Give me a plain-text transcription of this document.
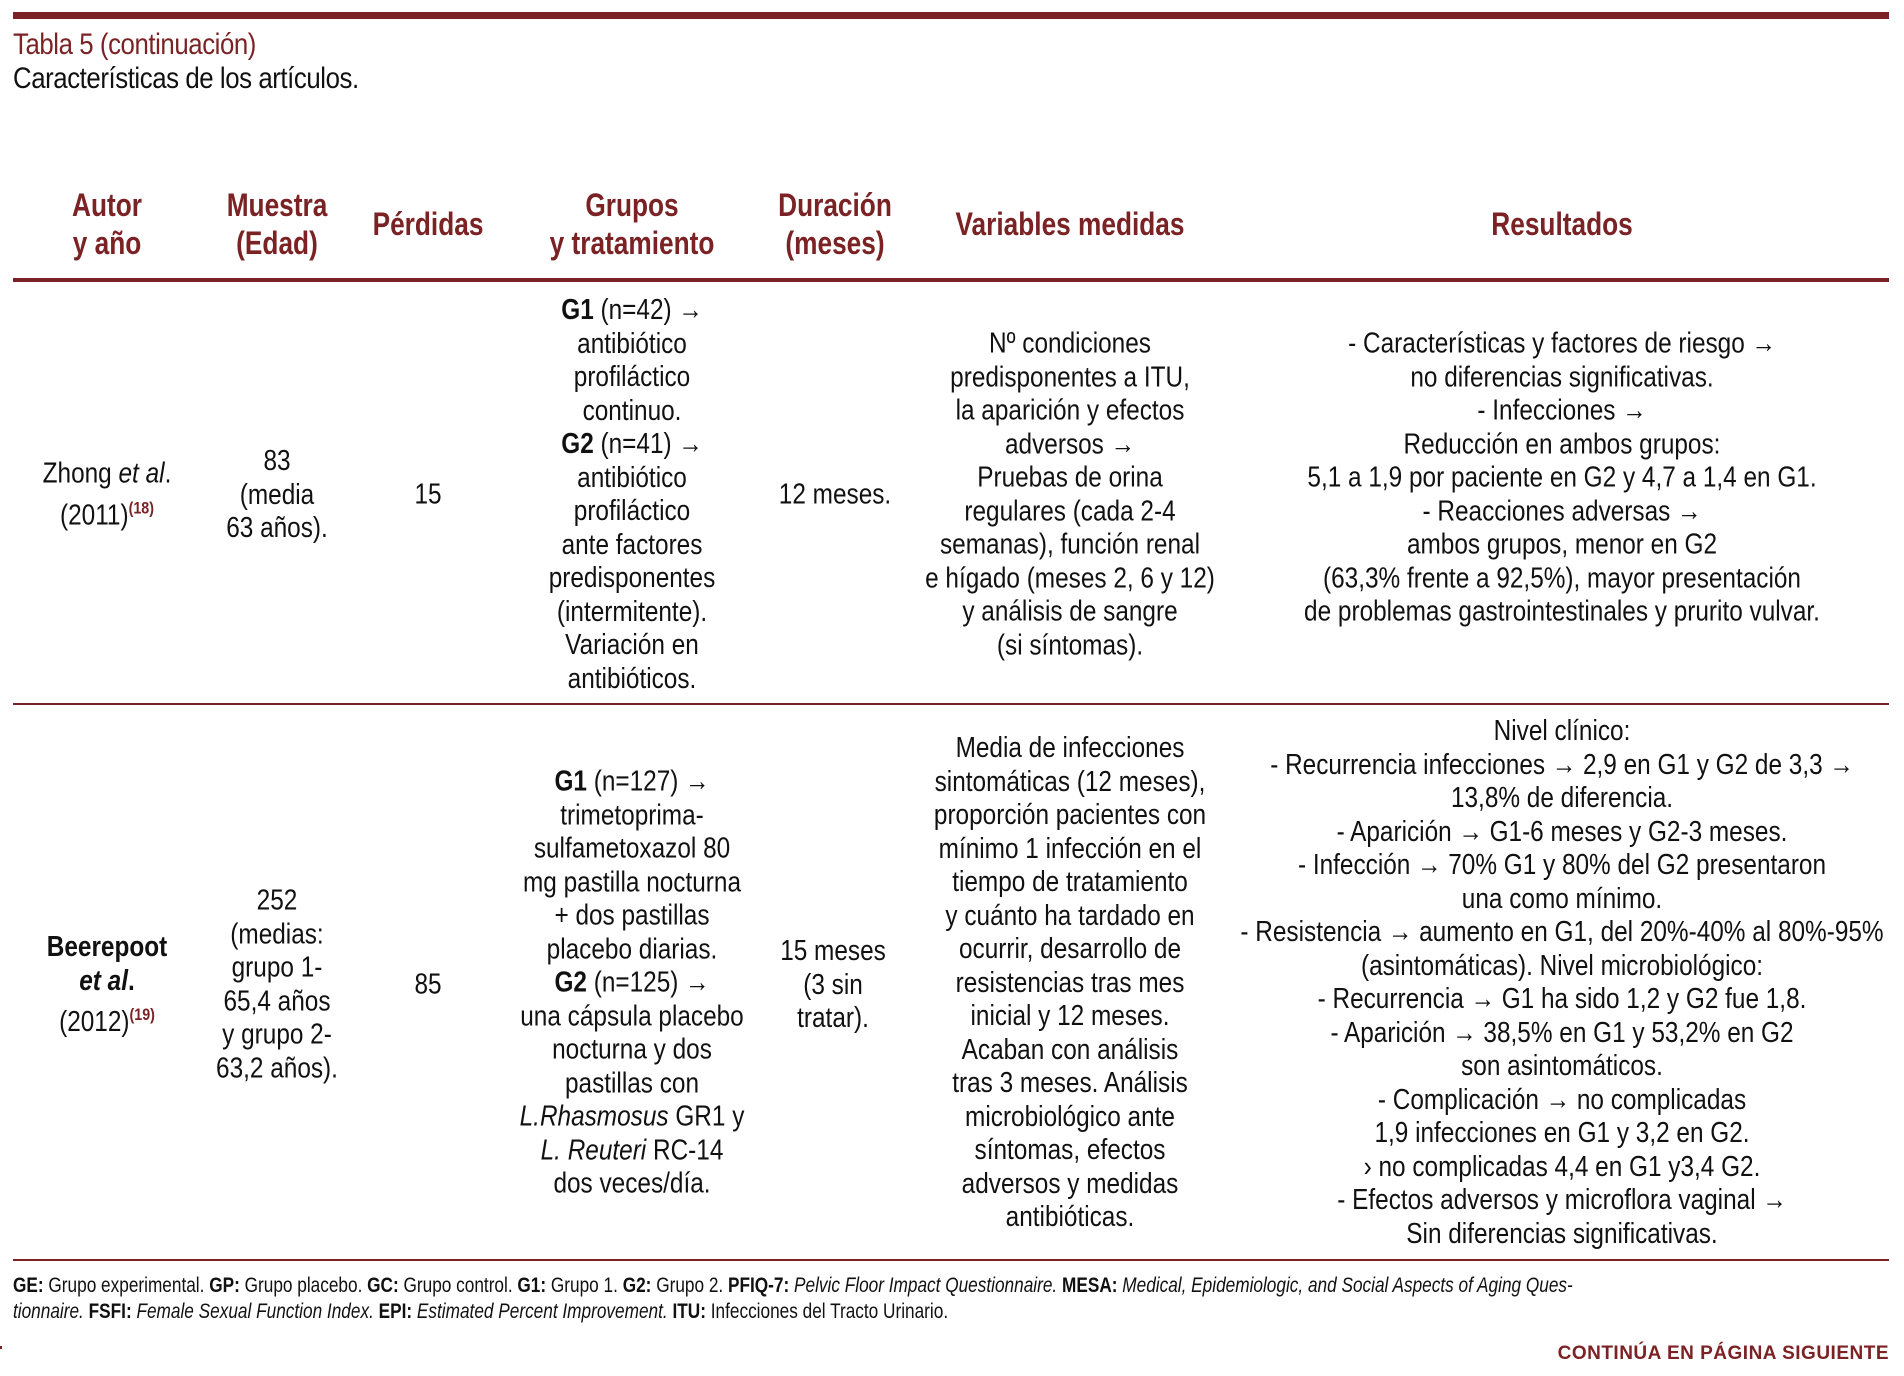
Tabla 5 (continuación)
Características de los artículos.
Autor
y año
Muestra
(Edad)
Pérdidas
Grupos
y tratamiento
Duración
(meses)
Variables medidas	Resultados
Zhong et al.
$(2011)^{(18)}$
83
(media
63 años).
15
G1 (n=42) →
antibiótico
profiláctico
continuo.
G2 (n=41) →
antibiótico
profiláctico
ante factores
predisponentes
(intermitente).
Variación en
antibióticos.
12 meses.
Nº condiciones
predisponentes a ITU,
la aparición y efectos
adversos →
Pruebas de orina
regulares (cada 2-4
semanas), función renal
e hígado (meses 2, 6 y 12)
y análisis de sangre
(si síntomas).
- Características y factores de riesgo →
no diferencias significativas.
- Infecciones →
Reducción en ambos grupos:
5,1 a 1,9 por paciente en G2 y 4,7 a 1,4 en G1.
- Reacciones adversas →
ambos grupos, menor en G2
(63,3% frente a 92,5%), mayor presentación
de problemas gastrointestinales y prurito vulvar.
Beerepoot
et al.
$(2012)^{(19)}$
252
(medias:
grupo 1-
65,4 años
y grupo 2-
63,2 años).
85
G1 (n=127) →
trimetoprima-
sulfametoxazol 80
mg pastilla nocturna
+ dos pastillas
placebo diarias.
G2 (n=125) →
una cápsula placebo
nocturna y dos
pastillas con
L.Rhasmosus GR1 y
L. Reuteri RC-14
dos veces/día.
15 meses
(3 sin
tratar).
Media de infecciones
sintomáticas (12 meses),
proporción pacientes con
mínimo 1 infección en el
tiempo de tratamiento
y cuánto ha tardado en
ocurrir, desarrollo de
resistencias tras mes
inicial y 12 meses.
Acaban con análisis
tras 3 meses. Análisis
microbiológico ante
síntomas, efectos
adversos y medidas
antibióticas.
Nivel clínico:
- Recurrencia infecciones → 2,9 en G1 y G2 de 3,3 →
13,8% de diferencia.
- Aparición → G1-6 meses y G2-3 meses.
- Infección → 70% G1 y 80% del G2 presentaron
una como mínimo.
- Resistencia → aumento en G1, del 20%-40% al 80%-95%
(asintomáticas). Nivel microbiológico:
- Recurrencia → G1 ha sido 1,2 y G2 fue 1,8.
- Aparición → 38,5% en G1 y 53,2% en G2
son asintomáticos.
- Complicación → no complicadas
1,9 infecciones en G1 y 3,2 en G2.
› no complicadas 4,4 en G1 y3,4 G2.
- Efectos adversos y microflora vaginal →
Sin diferencias significativas.
GE: Grupo experimental. GP: Grupo placebo. GC: Grupo control. G1: Grupo 1. G2: Grupo 2. PFIQ-7: Pelvic Floor Impact Questionnaire. MESA: Medical, Epidemiologic, and Social Aspects of Aging Ques-
tionnaire. FSFI: Female Sexual Function Index. EPI: Estimated Percent Improvement. ITU: Infecciones del Tracto Urinario.
CONTINÚA EN PÁGINA SIGUIENTE
